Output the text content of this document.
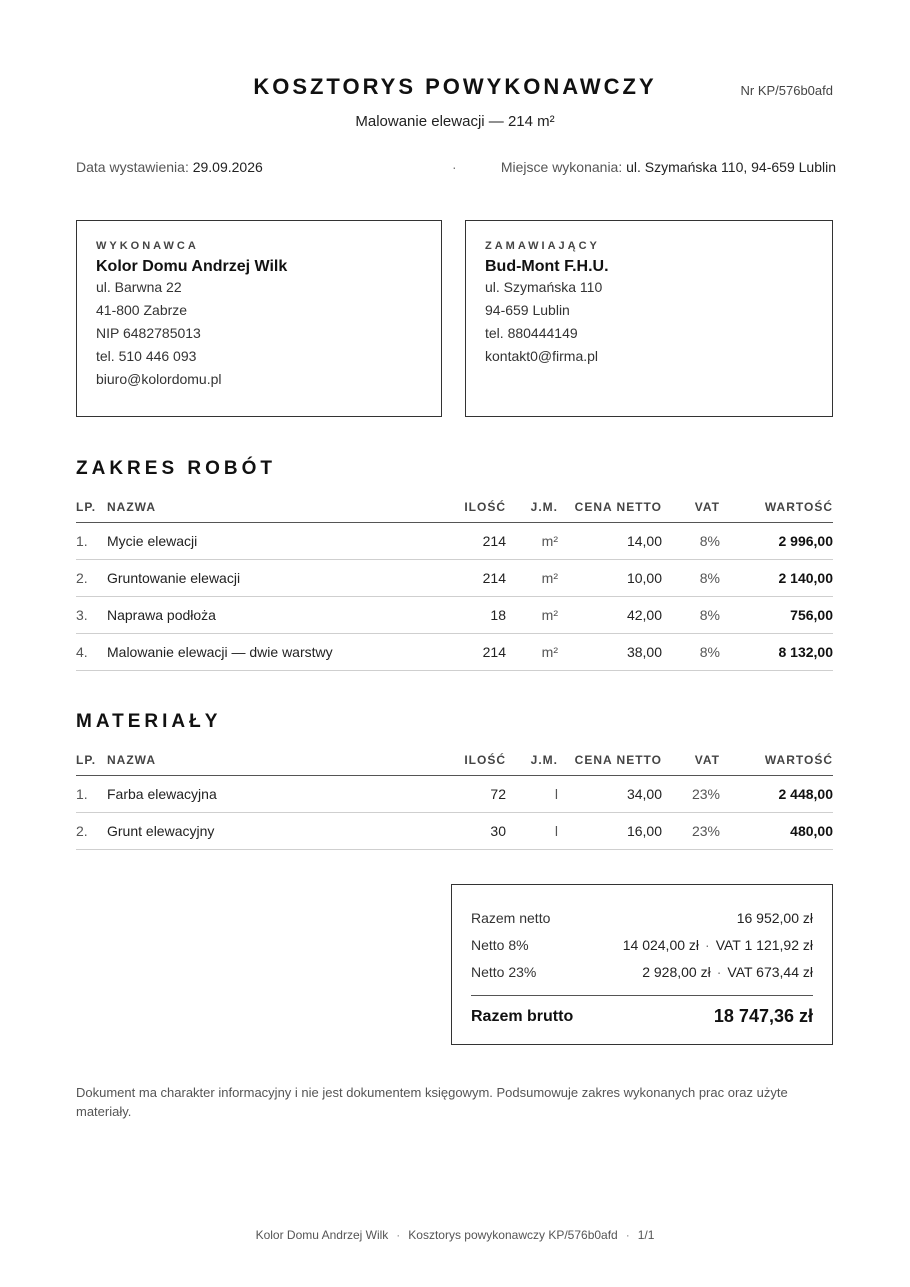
KOSZTORYS POWYKONAWCZY	Nr KP/576b0afd
Malowanie elewacji — 214 m²
Data wystawienia: 29.09.2026	·	Miejsce wykonania: ul. Szymańska 110, 94-659 Lublin
WYKONAWCA
Kolor Domu Andrzej Wilk
ul. Barwna 22
41-800 Zabrze
NIP 6482785013
tel. 510 446 093
biuro@kolordomu.pl
ZAMAWIAJĄCY
Bud-Mont F.H.U.
ul. Szymańska 110
94-659 Lublin
tel. 880444149
kontakt0@firma.pl
ZAKRES ROBÓT
LP.	NAZWA	ILOŚĆ	J.M.	CENA NETTO	VAT	WARTOŚĆ
1.	Mycie elewacji	214	m²	14,00	8%	2 996,00
2.	Gruntowanie elewacji	214	m²	10,00	8%	2 140,00
3.	Naprawa podłoża	18	m²	42,00	8%	756,00
4.	Malowanie elewacji — dwie warstwy	214	m²	38,00	8%	8 132,00
MATERIAŁY
LP.	NAZWA	ILOŚĆ	J.M.	CENA NETTO	VAT	WARTOŚĆ
1.	Farba elewacyjna	72	l	34,00	23%	2 448,00
2.	Grunt elewacyjny	30	l	16,00	23%	480,00
Razem netto	16 952,00 zł
Netto 8%	14 024,00 zł · VAT 1 121,92 zł
Netto 23%	2 928,00 zł · VAT 673,44 zł
Razem brutto	18 747,36 zł
Dokument ma charakter informacyjny i nie jest dokumentem księgowym. Podsumowuje zakres wykonanych prac oraz użyte materiały.
Kolor Domu Andrzej Wilk · Kosztorys powykonawczy KP/576b0afd · 1/1
